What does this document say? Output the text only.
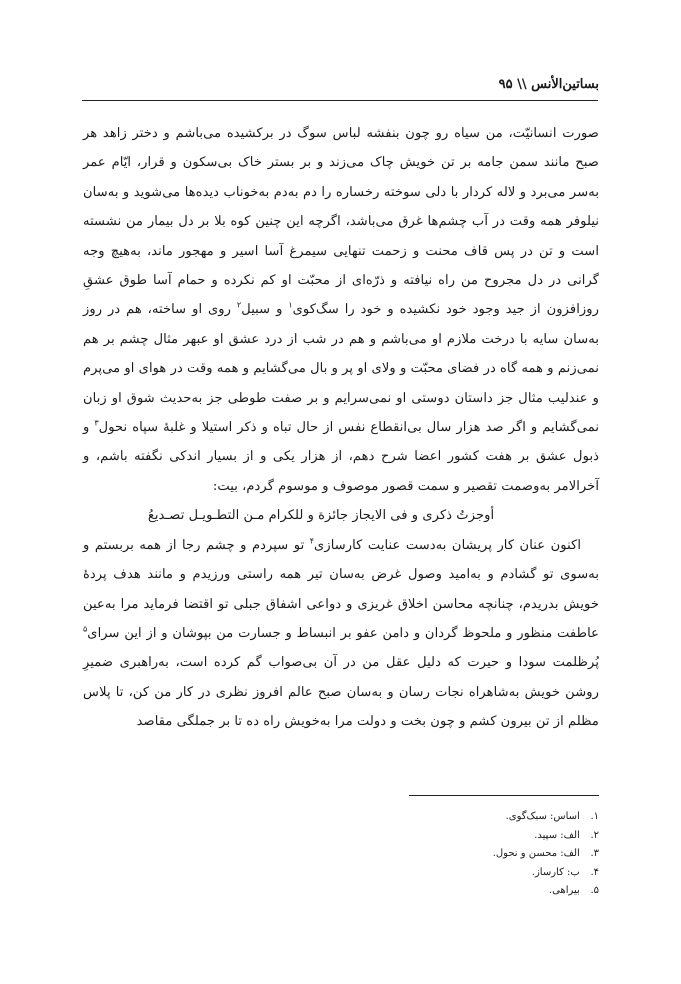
بساتین‌الأنس \\ ۹۵

صورت انسانیّت، من سیاه رو چون بنفشه لباس سوگ در برکشیده می‌باشم و دختر زاهد هر صبح مانند سمن جامه بر تن خویش چاک می‌زند و بر بستر خاک بی‌سکون و قرار، ایّام عمر به‌سر می‌برد و لاله کردار با دلی سوخته رخساره را دم به‌دم به‌خوناب دیده‌ها می‌شوید و به‌سان نیلوفر همه وقت در آب چشم‌ها غرق می‌باشد، اگرچه این چنین کوه بلا بر دل بیمار من نشسته است و تن در پس قاف محنت و زحمت تنهایی سیمرغ آسا اسیر و مهجور ماند، به‌هیچ وجه گرانی در دل مجروح من راه نیافته و ذرّه‌ای از محبّت او کم نکرده و حمام آسا طوق عشقِ روزافزون از جید وجود خود نکشیده و خود را سگ‌کوی$^۱$ و سبیل$^۲$ روی او ساخته، هم در روز به‌سان سایه با درخت ملازم او می‌باشم و هم در شب از درد عشق او عبهر مثال چشم بر هم نمی‌زنم و همه گاه در فضای محبّت و ولای او پر و بال می‌گشایم و همه وقت در هوای او می‌پرم و عندلیب مثال جز داستان دوستی او نمی‌سرایم و بر صفت طوطی جز به‌حدیث شوق او زبان نمی‌گشایم و اگر صد هزار سال بی‌انقطاع نفس از حال تباه و ذکر استیلا و غلبهٔ سپاه نحول$^۳$ و ذبول عشق بر هفت کشور اعضا شرح دهم، از هزار یکی و از بسیار اندکی نگفته باشم، و آخرالامر به‌وصمت تقصیر و سمت قصور موصوف و موسوم گردم، بیت:

أوجزتُ ذکری و فی الایجاز جائزة و للکرام مـن التطـویـل تصـدیعُ

اکنون عنان کار پریشان به‌دست عنایت کارسازی$^۴$ تو سپردم و چشم رجا از همه بربستم و به‌سوی تو گشادم و به‌امید وصول غرض به‌سان تیر همه راستی ورزیدم و مانند هدف پردهٔ خویش بدریدم، چنانچه محاسن اخلاق غریزی و دواعی اشفاق جبلی تو اقتضا فرماید مرا به‌عین عاطفت منظور و ملحوظ گردان و دامن عفو بر انبساط و جسارت من بپوشان و از این سرای$^۵$ پُرظلمت سودا و حیرت که دلیل عقل من در آن بی‌صواب گم کرده است، به‌راهبری ضمیرِ روشن خویش به‌شاهراه نجات رسان و به‌سان صبح عالم افروز نظری در کار من کن، تا پلاس مظلم از تن بیرون کشم و چون بخت و دولت مرا به‌خویش راه ده تا بر جملگی مقاصد

۱. اساس: سبک‌گوی.
۲. الف: سپید.
۳. الف: محسن و نحول.
۴. ب: کارساز.
۵. بیراهی.
